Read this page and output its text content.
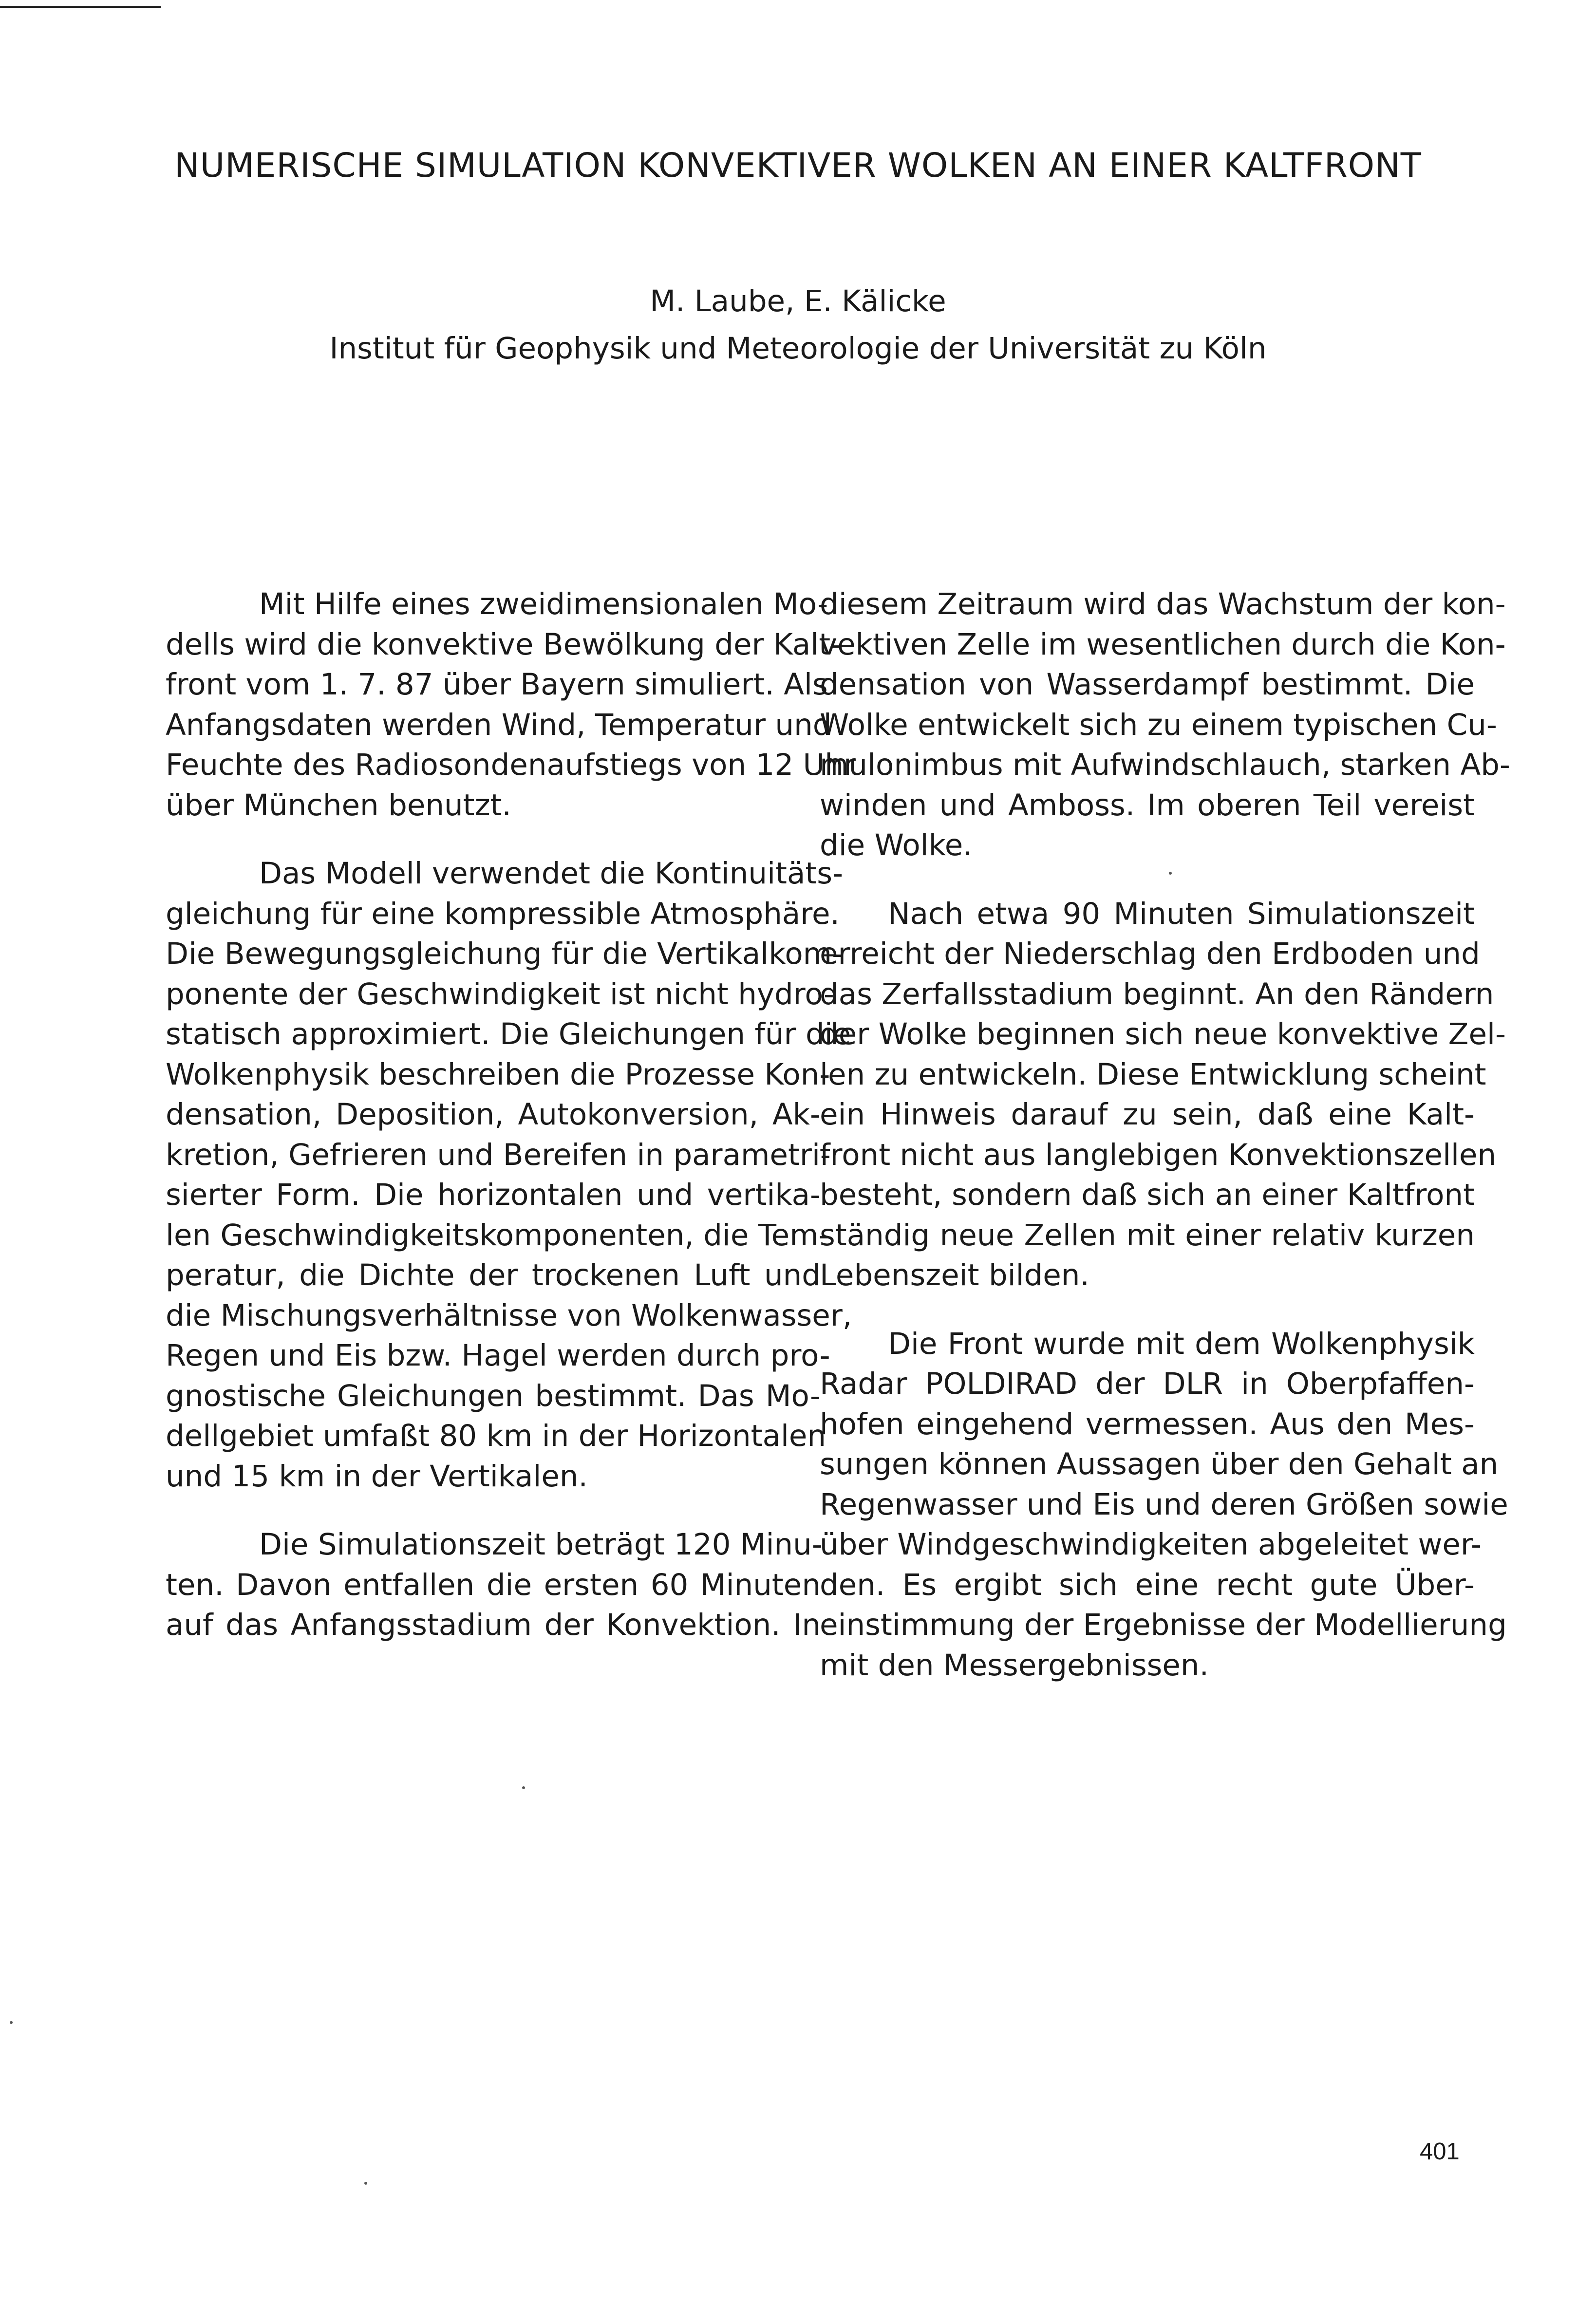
NUMERISCHE SIMULATION KONVEKTIVER WOLKEN AN EINER KALTFRONT
M. Laube, E. Kälicke
Institut für Geophysik und Meteorologie der Universität zu Köln
Mit Hilfe eines zweidimensionalen Mo-
dells wird die konvektive Bewölkung der Kalt-
front vom 1. 7. 87 über Bayern simuliert. Als
Anfangsdaten werden Wind, Temperatur und
Feuchte des Radiosondenaufstiegs von 12 Uhr
über München benutzt.
Das Modell verwendet die Kontinuitäts-
gleichung für eine kompressible Atmosphäre.
Die Bewegungsgleichung für die Vertikalkom-
ponente der Geschwindigkeit ist nicht hydro-
statisch approximiert. Die Gleichungen für die
Wolkenphysik beschreiben die Prozesse Kon-
densation, Deposition, Autokonversion, Ak-
kretion, Gefrieren und Bereifen in parametri-
sierter Form. Die horizontalen und vertika-
len Geschwindigkeitskomponenten, die Tem-
peratur, die Dichte der trockenen Luft und
die Mischungsverhältnisse von Wolkenwasser,
Regen und Eis bzw. Hagel werden durch pro-
gnostische Gleichungen bestimmt. Das Mo-
dellgebiet umfaßt 80 km in der Horizontalen
und 15 km in der Vertikalen.
Die Simulationszeit beträgt 120 Minu-
ten. Davon entfallen die ersten 60 Minuten
auf das Anfangsstadium der Konvektion. In
diesem Zeitraum wird das Wachstum der kon-
vektiven Zelle im wesentlichen durch die Kon-
densation von Wasserdampf bestimmt. Die
Wolke entwickelt sich zu einem typischen Cu-
mulonimbus mit Aufwindschlauch, starken Ab-
winden und Amboss. Im oberen Teil vereist
die Wolke.
Nach etwa 90 Minuten Simulationszeit
erreicht der Niederschlag den Erdboden und
das Zerfallsstadium beginnt. An den Rändern
der Wolke beginnen sich neue konvektive Zel-
len zu entwickeln. Diese Entwicklung scheint
ein Hinweis darauf zu sein, daß eine Kalt-
front nicht aus langlebigen Konvektionszellen
besteht, sondern daß sich an einer Kaltfront
ständig neue Zellen mit einer relativ kurzen
Lebenszeit bilden.
Die Front wurde mit dem Wolkenphysik
Radar POLDIRAD der DLR in Oberpfaffen-
hofen eingehend vermessen. Aus den Mes-
sungen können Aussagen über den Gehalt an
Regenwasser und Eis und deren Größen sowie
über Windgeschwindigkeiten abgeleitet wer-
den. Es ergibt sich eine recht gute Über-
einstimmung der Ergebnisse der Modellierung
mit den Messergebnissen.
401
